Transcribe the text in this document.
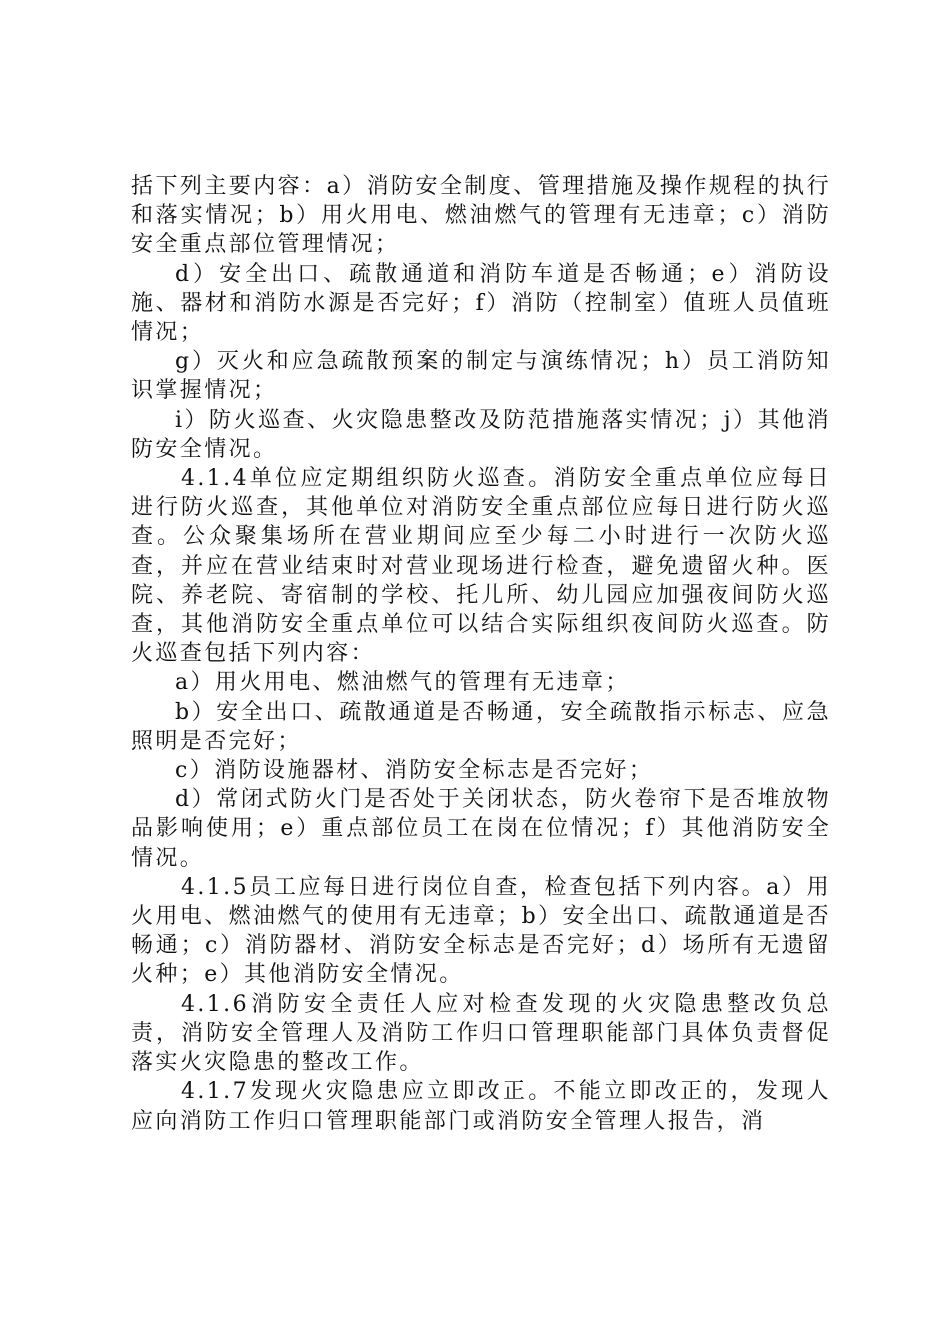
括下列主要内容：a）消防安全制度、管理措施及操作规程的执行和落实情况；b）用火用电、燃油燃气的管理有无违章；c）消防安全重点部位管理情况；

d）安全出口、疏散通道和消防车道是否畅通；e）消防设施、器材和消防水源是否完好；f）消防（控制室）值班人员值班情况；

g）灭火和应急疏散预案的制定与演练情况；h）员工消防知识掌握情况；

i）防火巡查、火灾隐患整改及防范措施落实情况；j）其他消防安全情况。

4.1.4单位应定期组织防火巡查。消防安全重点单位应每日进行防火巡查，其他单位对消防安全重点部位应每日进行防火巡查。公众聚集场所在营业期间应至少每二小时进行一次防火巡查，并应在营业结束时对营业现场进行检查，避免遗留火种。医院、养老院、寄宿制的学校、托儿所、幼儿园应加强夜间防火巡查，其他消防安全重点单位可以结合实际组织夜间防火巡查。防火巡查包括下列内容：

a）用火用电、燃油燃气的管理有无违章；

b）安全出口、疏散通道是否畅通，安全疏散指示标志、应急照明是否完好；

c）消防设施器材、消防安全标志是否完好；

d）常闭式防火门是否处于关闭状态，防火卷帘下是否堆放物品影响使用；e）重点部位员工在岗在位情况；f）其他消防安全情况。

4.1.5员工应每日进行岗位自查，检查包括下列内容。a）用火用电、燃油燃气的使用有无违章；b）安全出口、疏散通道是否畅通；c）消防器材、消防安全标志是否完好；d）场所有无遗留火种；e）其他消防安全情况。

4.1.6消防安全责任人应对检查发现的火灾隐患整改负总责，消防安全管理人及消防工作归口管理职能部门具体负责督促落实火灾隐患的整改工作。

4.1.7发现火灾隐患应立即改正。不能立即改正的，发现人应向消防工作归口管理职能部门或消防安全管理人报告，消
